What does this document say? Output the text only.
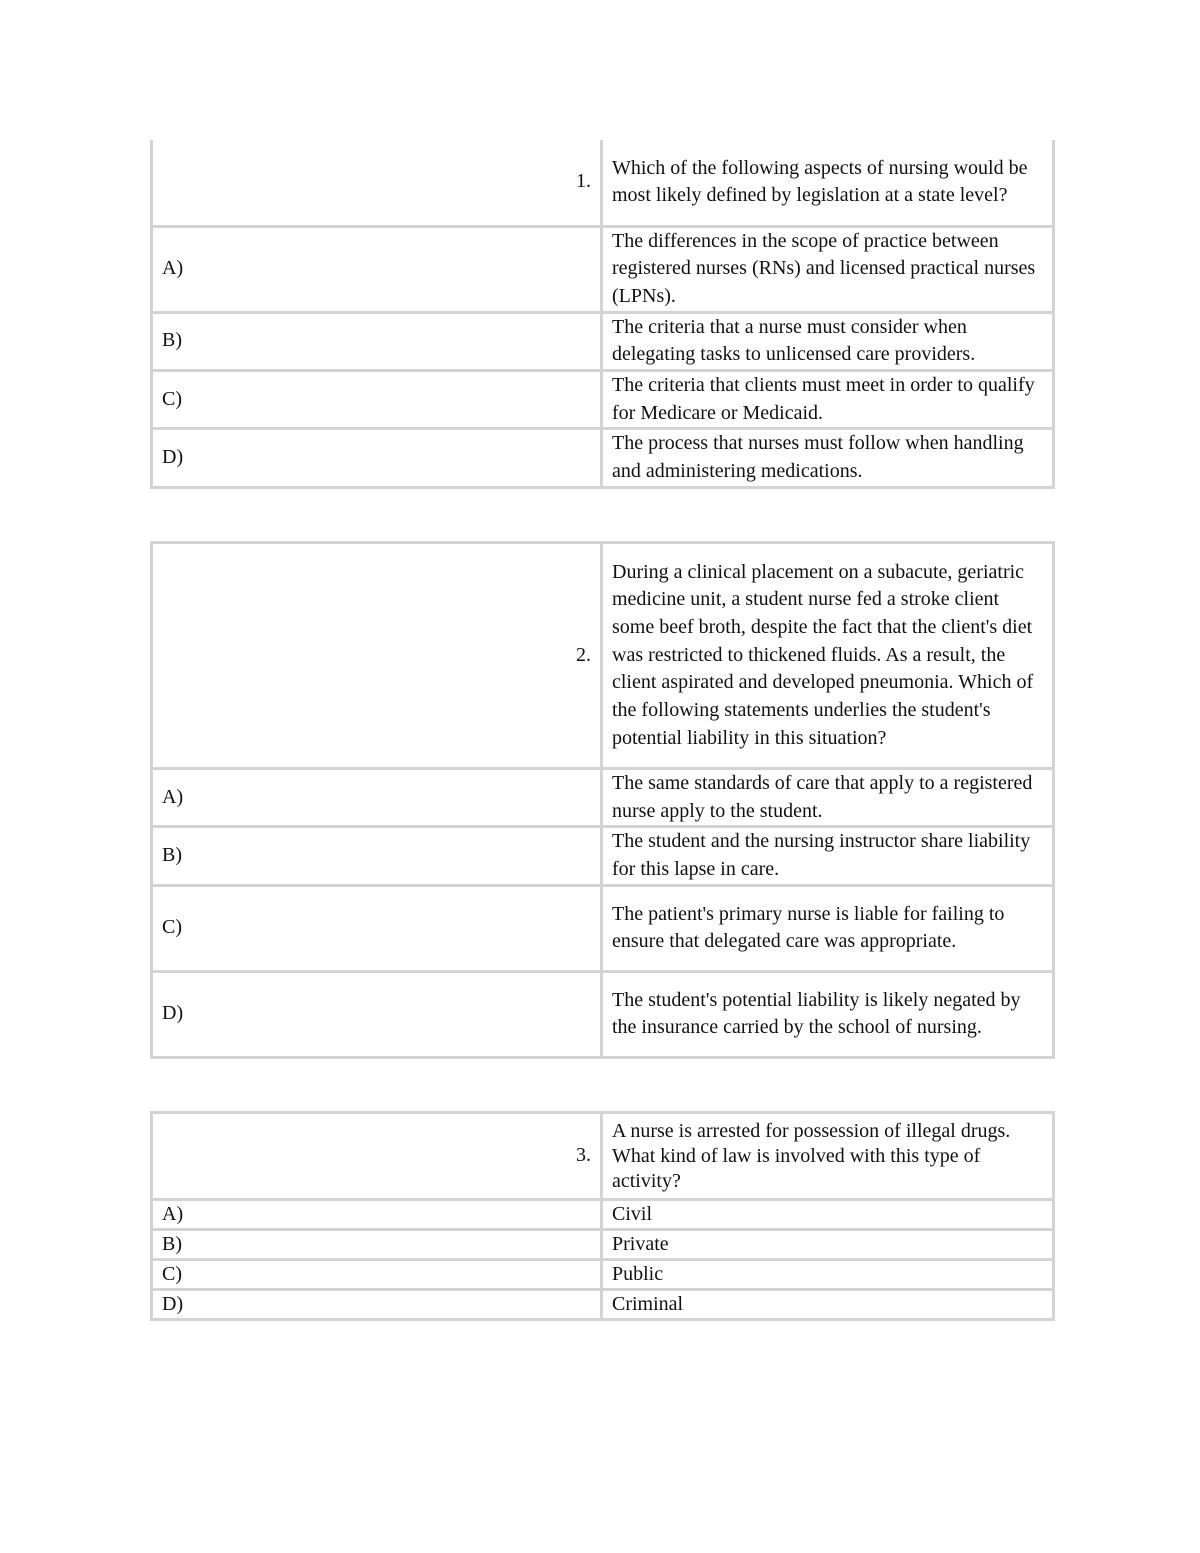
1.	Which of the following aspects of nursing would be most likely defined by legislation at a state level?
A)	The differences in the scope of practice between registered nurses (RNs) and licensed practical nurses (LPNs).
B)	The criteria that a nurse must consider when delegating tasks to unlicensed care providers.
C)	The criteria that clients must meet in order to qualify for Medicare or Medicaid.
D)	The process that nurses must follow when handling and administering medications.
2.	During a clinical placement on a subacute, geriatric medicine unit, a student nurse fed a stroke client some beef broth, despite the fact that the client's diet was restricted to thickened fluids. As a result, the client aspirated and developed pneumonia. Which of the following statements underlies the student's potential liability in this situation?
A)	The same standards of care that apply to a registered nurse apply to the student.
B)	The student and the nursing instructor share liability for this lapse in care.
C)	The patient's primary nurse is liable for failing to ensure that delegated care was appropriate.
D)	The student's potential liability is likely negated by the insurance carried by the school of nursing.
3.	A nurse is arrested for possession of illegal drugs. What kind of law is involved with this type of activity?
A)	Civil
B)	Private
C)	Public
D)	Criminal
